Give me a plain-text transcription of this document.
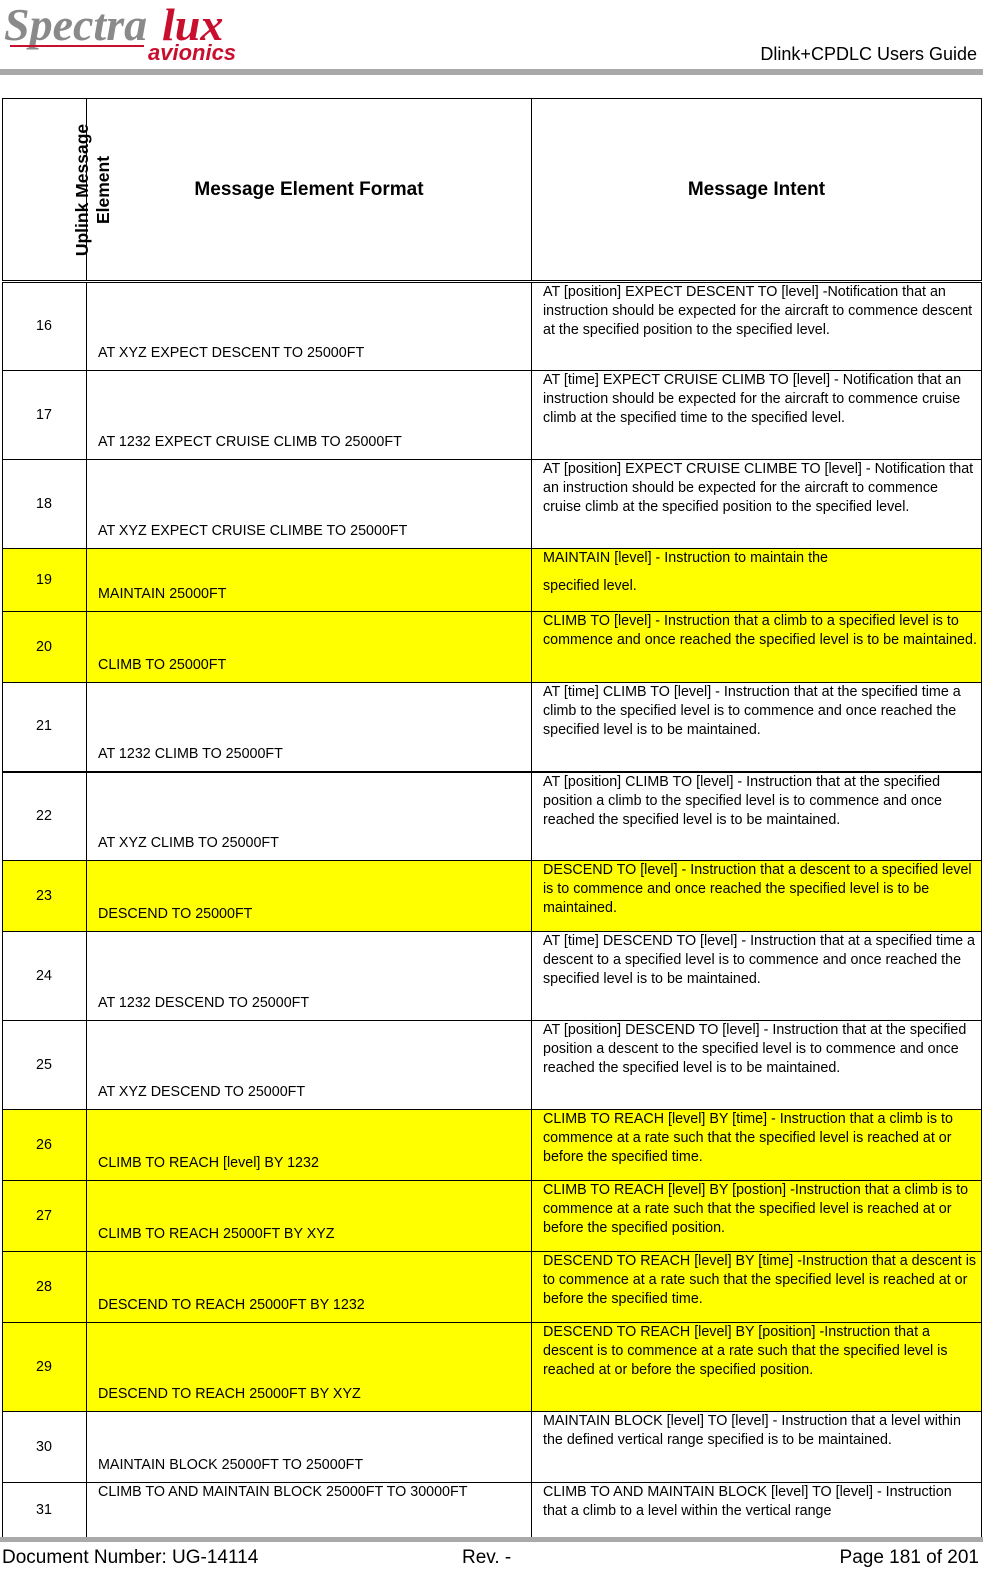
Spectra lux
avionics	Dlink+CPDLC Users Guide
Uplink Message Element	Message Element Format	Message Intent
16	AT XYZ EXPECT DESCENT TO 25000FT	AT [position] EXPECT DESCENT TO [level] -Notification that an instruction should be expected for the aircraft to commence descent at the specified position to the specified level.

17	AT 1232 EXPECT CRUISE CLIMB TO 25000FT	AT [time] EXPECT CRUISE CLIMB TO [level] - Notification that an instruction should be expected for the aircraft to commence cruise climb at the specified time to the specified level.

18	AT XYZ EXPECT CRUISE CLIMBE TO 25000FT	AT [position] EXPECT CRUISE CLIMBE TO [level] - Notification that an instruction should be expected for the aircraft to commence cruise climb at the specified position to the specified level.

19	MAINTAIN 25000FT	MAINTAIN [level] - Instruction to maintain the
specified level.

20	CLIMB TO 25000FT	CLIMB TO [level] - Instruction that a climb to a specified level is to commence and once reached the specified level is to be maintained.

21	AT 1232 CLIMB TO 25000FT	AT [time] CLIMB TO [level] - Instruction that at the specified time a climb to the specified level is to commence and once reached the specified level is to be maintained.

22	AT XYZ CLIMB TO 25000FT	AT [position] CLIMB TO [level] - Instruction that at the specified position a climb to the specified level is to commence and once reached the specified level is to be maintained.

23	DESCEND TO 25000FT	DESCEND TO [level] - Instruction that a descent to a specified level is to commence and once reached the specified level is to be maintained.

24	AT 1232 DESCEND TO 25000FT	AT [time] DESCEND TO [level] - Instruction that at a specified time a descent to a specified level is to commence and once reached the specified level is to be maintained.

25	AT XYZ DESCEND TO 25000FT	AT [position] DESCEND TO [level] - Instruction that at the specified position a descent to the specified level is to commence and once reached the specified level is to be maintained.

26	CLIMB TO REACH [level] BY 1232	CLIMB TO REACH [level] BY [time] - Instruction that a climb is to commence at a rate such that the specified level is reached at or before the specified time.

27	CLIMB TO REACH 25000FT BY XYZ	CLIMB TO REACH [level] BY [postion] -Instruction that a climb is to commence at a rate such that the specified level is reached at or before the specified position.

28	DESCEND TO REACH 25000FT BY 1232	DESCEND TO REACH [level] BY [time] -Instruction that a descent is to commence at a rate such that the specified level is reached at or before the specified time.

29	DESCEND TO REACH 25000FT BY XYZ	DESCEND TO REACH [level] BY [position] -Instruction that a descent is to commence at a rate such that the specified level is reached at or before the specified position.

30	MAINTAIN BLOCK 25000FT TO 25000FT	MAINTAIN BLOCK [level] TO [level] - Instruction that a level within the defined vertical range specified is to be maintained.

31	CLIMB TO AND MAINTAIN BLOCK 25000FT TO 30000FT	CLIMB TO AND MAINTAIN BLOCK [level] TO [level] - Instruction that a climb to a level within the vertical range
Document Number: UG-14114	Rev. -	Page 181 of 201
